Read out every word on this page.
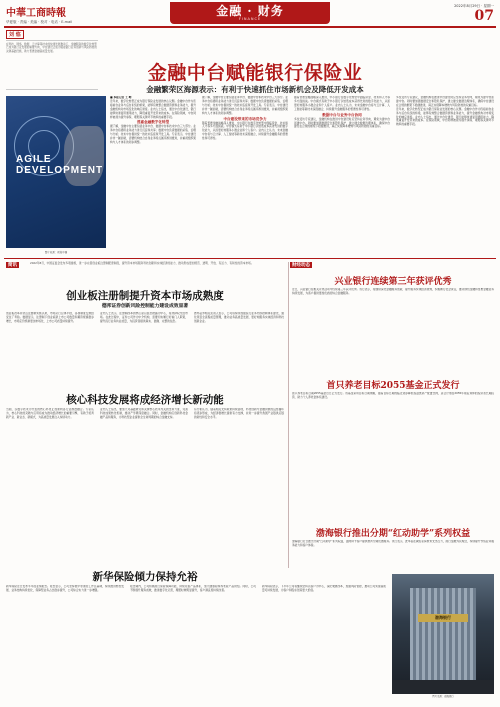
中華工商時報
华夏版 · 责编 · 美编 · 校对 · 电话 · E-mail
金融 · 财务
FINANCE
2022年8月29日 · 星期一
07
刘 悠
在科技、网络、数据、云计算等技术的快速发展推动下，金融服务的数字化转型已成为银行业发展的重要方向，中台建设正成为赋能银行业务创新与风险防控的关键基础设施，助力普惠金融高质量发展。
金融中台赋能银行保险业
金融繁荣区海源表示：有利于快速抓住市场新机会及降低开发成本
AGILE DEVELOPMENT
图片来源：视觉中国
■ 本报记者 王 峰
近年来，数字化转型正成为银行保险业发展的核心议题。金融中台作为连接前台业务与后台系统的桥梁，能够有效整合数据资源和业务能力，提升金融机构对市场变化的响应速度。业内人士指出，通过中台化建设，银行能够快速复用通用能力，降低重复开发带来的成本。在保险领域，中台同样被视为提升承保、理赔等关键环节效率的重要手段。
普惠金融数字化转型
据了解，金融中台主要包括业务中台、数据中台和技术中台三大部分。业务中台将通用业务能力进行沉淀和共享；数据中台负责数据的采集、治理与分析；技术中台提供统一的技术底座和开发工具。专家表示，中台建设并非一蹴而就，需要机构结合自身业务特点循序渐进推进，并重视组织架构与人才体系的同步调整。
据了解，金融中台主要包括业务中台、数据中台和技术中台三大部分。业务中台将通用业务能力进行沉淀和共享；数据中台负责数据的采集、治理与分析；技术中台提供统一的技术底座和开发工具。专家表示，中台建设并非一蹴而就，需要机构结合自身业务特点循序渐进推进，并重视组织架构与人才体系的同步调整。
中台建设带来的市场竞争力
随着普惠金融战略深入推进，中小银行在数字化转型中面临资金、技术和人才等多方面挑战。中台模式有助于中小银行以较低成本获得先进的数字化能力，从而更好地服务小微企业和个人客户。业内人士认为，未来金融中台将与云计算、人工智能等新技术深度融合，持续提升金融服务的普惠性和可得性。
随着普惠金融战略深入推进，中小银行在数字化转型中面临资金、技术和人才等多方面挑战。中台模式有助于中小银行以较低成本获得先进的数字化能力，从而更好地服务小微企业和个人客户。业内人士认为，未来金融中台将与云计算、人工智能等新技术深度融合，持续提升金融服务的普惠性和可得性。
数据中台与业务中台协同
多位受访专家建议，金融机构在推进中台建设时应坚持业务导向，避免为建中台而建中台。同时要加强数据安全和隐私保护，建立健全数据治理体系，确保中台建设在合规的框架下稳健推进，真正实现降本增效与风险防控的双重目标。
多位受访专家建议，金融机构在推进中台建设时应坚持业务导向，避免为建中台而建中台。同时要加强数据安全和隐私保护，建立健全数据治理体系，确保中台建设在合规的框架下稳健推进，真正实现降本增效与风险防控的双重目标。
近年来，数字化转型正成为银行保险业发展的核心议题。金融中台作为连接前台业务与后台系统的桥梁，能够有效整合数据资源和业务能力，提升金融机构对市场变化的响应速度。业内人士指出，通过中台化建设，银行能够快速复用通用能力，降低重复开发带来的成本。在保险领域，中台同样被视为提升承保、理赔等关键环节效率的重要手段。
简讯	2022年8月，中国证监会发布多项措施，进一步完善创业板注册制配套制度，提升资本市场服务科技创新和实体经济的能力，推动形成更加规范、透明、开放、有活力、有韧性的资本市场。
创业板注册制提升资本市场成熟度
德邦证券创新风险控制能力建设成效显著
创业板改革并试点注册制实施以来，市场运行总体平稳，各项制度安排经受住了考验。数据显示，注册制下创业板新上市公司数量和募资规模稳步增长，市场定价机制更加市场化，上市公司质量持续提升。
业内人士表示，注册制改革的核心是以信息披露为中心，将选择权交给市场。在此过程中，证券公司作为中介机构，需要切实履行好看门人职责，提升投行业务执业质量，为投资者提供真实、准确、完整的信息。
德邦证券相关负责人表示，公司将持续加强投行业务内部控制体系建设，强化项目全流程质量管理，推动业务高质量发展，更好地服务实体经济和科技创新企业。
核心科技发展将成经济增长新动能
当前，以数字技术为代表的核心科技正加速向各行业渗透融合。专家认为，核心科技的突破与应用将成为推动经济增长的重要引擎，有助于培育新产业、新业态、新模式，为高质量发展注入持续动力。
业内人士指出，要加大对基础研究和关键核心技术攻关的支持力度，完善科技成果转化机制，推动产学研深度融合。同时，金融机构应创新科技金融产品和服务，为科技型企业提供全生命周期的综合金融支持。
有分析认为，随着相关支持政策持续落地，科技创新与金融资源的良性循环将逐步形成，为经济稳增长提供有力支撑，并进一步提升我国产业链供应链的韧性和安全水平。
新华保险倾力保持允裕
新华保险近日发布半年度业绩报告。报告显示，公司坚持稳中求进的工作总基调，持续推进转型发展，业务结构持续优化，保障型业务占比稳步提升，公司综合实力进一步增强。
报告期内，公司积极践行保险保障功能，持续完善产品体系，加大健康险和养老险产品供给。同时，公司不断提升服务质效，推进数字化运营，理赔时效明显提升，客户满意度持续改善。
新华保险表示，下半年公司将继续坚持以客户为中心，深化渠道改革，加强风险管控，推动公司实现高质量可持续发展，为客户和股东创造更大价值。
财经动态
兴业银行连续第三年获评优秀
近日，兴业银行在相关评选活动中连续第三年获评优秀。该行表示，将继续深化金融服务创新，提升服务实体经济质效，积极履行社会责任，推动绿色金融和普惠金融业务持续发展，为客户提供更加优质的综合金融服务。
首只养老目标2055基金正式发行
首只养老目标日期2055基金近日正式发行。该基金采用目标日期策略，随着目标日期的临近逐步降低权益类资产配置比例，适合计划在2055年前后退休的投资者长期投资，助力个人养老金体系建设。
渤海银行推出分期“红动助学”系列权益
渤海银行近日推出分期“红动助学”系列权益，面向持卡客户提供教育分期优惠服务。该行表示，此举旨在减轻家庭教育支出压力，践行金融为民理念，持续提升零售业务服务能力和客户体验。
渤海银行
图片来源：渤海银行
